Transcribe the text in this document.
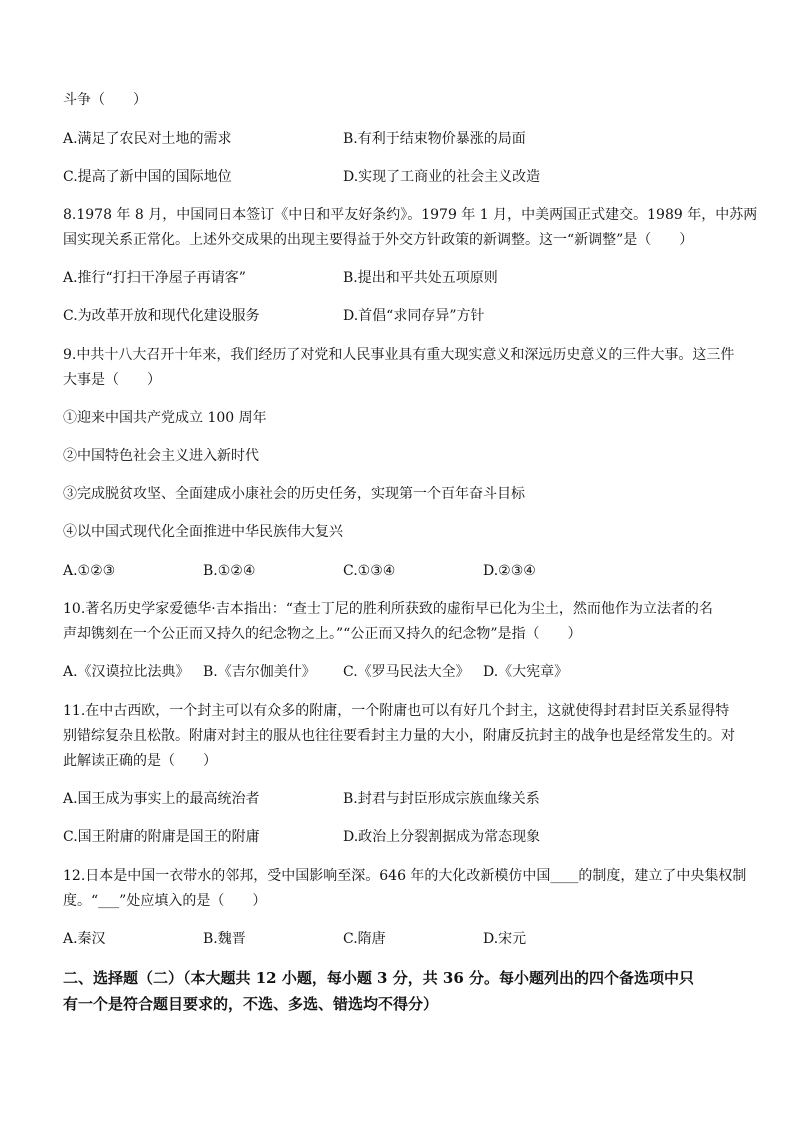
斗争（　　）
A.满足了农民对土地的需求	B.有利于结束物价暴涨的局面
C.提高了新中国的国际地位	D.实现了工商业的社会主义改造
8.1978 年 8 月，中国同日本签订《中日和平友好条约》。1979 年 1 月，中美两国正式建交。1989 年，中苏两
国实现关系正常化。上述外交成果的出现主要得益于外交方针政策的新调整。这一“新调整”是（　　）
A.推行“打扫干净屋子再请客”	B.提出和平共处五项原则
C.为改革开放和现代化建设服务	D.首倡“求同存异”方针
9.中共十八大召开十年来，我们经历了对党和人民事业具有重大现实意义和深远历史意义的三件大事。这三件
大事是（　　）
①迎来中国共产党成立 100 周年
②中国特色社会主义进入新时代
③完成脱贫攻坚、全面建成小康社会的历史任务，实现第一个百年奋斗目标
④以中国式现代化全面推进中华民族伟大复兴
A.①②③	B.①②④	C.①③④	D.②③④
10.著名历史学家爱德华·吉本指出：“查士丁尼的胜利所获致的虚衔早已化为尘土，然而他作为立法者的名
声却镌刻在一个公正而又持久的纪念物之上。”“公正而又持久的纪念物”是指（　　）
A.《汉谟拉比法典》 B.《吉尔伽美什》 C.《罗马民法大全》 D.《大宪章》
11.在中古西欧，一个封主可以有众多的附庸，一个附庸也可以有好几个封主，这就使得封君封臣关系显得特
别错综复杂且松散。附庸对封主的服从也往往要看封主力量的大小，附庸反抗封主的战争也是经常发生的。对
此解读正确的是（　　）
A.国王成为事实上的最高统治者	B.封君与封臣形成宗族血缘关系
C.国王附庸的附庸是国王的附庸	D.政治上分裂割据成为常态现象
12.日本是中国一衣带水的邻邦，受中国影响至深。646 年的大化改新模仿中国____的制度，建立了中央集权制
度。“___”处应填入的是（　　）
A.秦汉	B.魏晋	C.隋唐	D.宋元
二、选择题（二）（本大题共 12 小题，每小题 3 分，共 36 分。每小题列出的四个备选项中只
有一个是符合题目要求的，不选、多选、错选均不得分）
